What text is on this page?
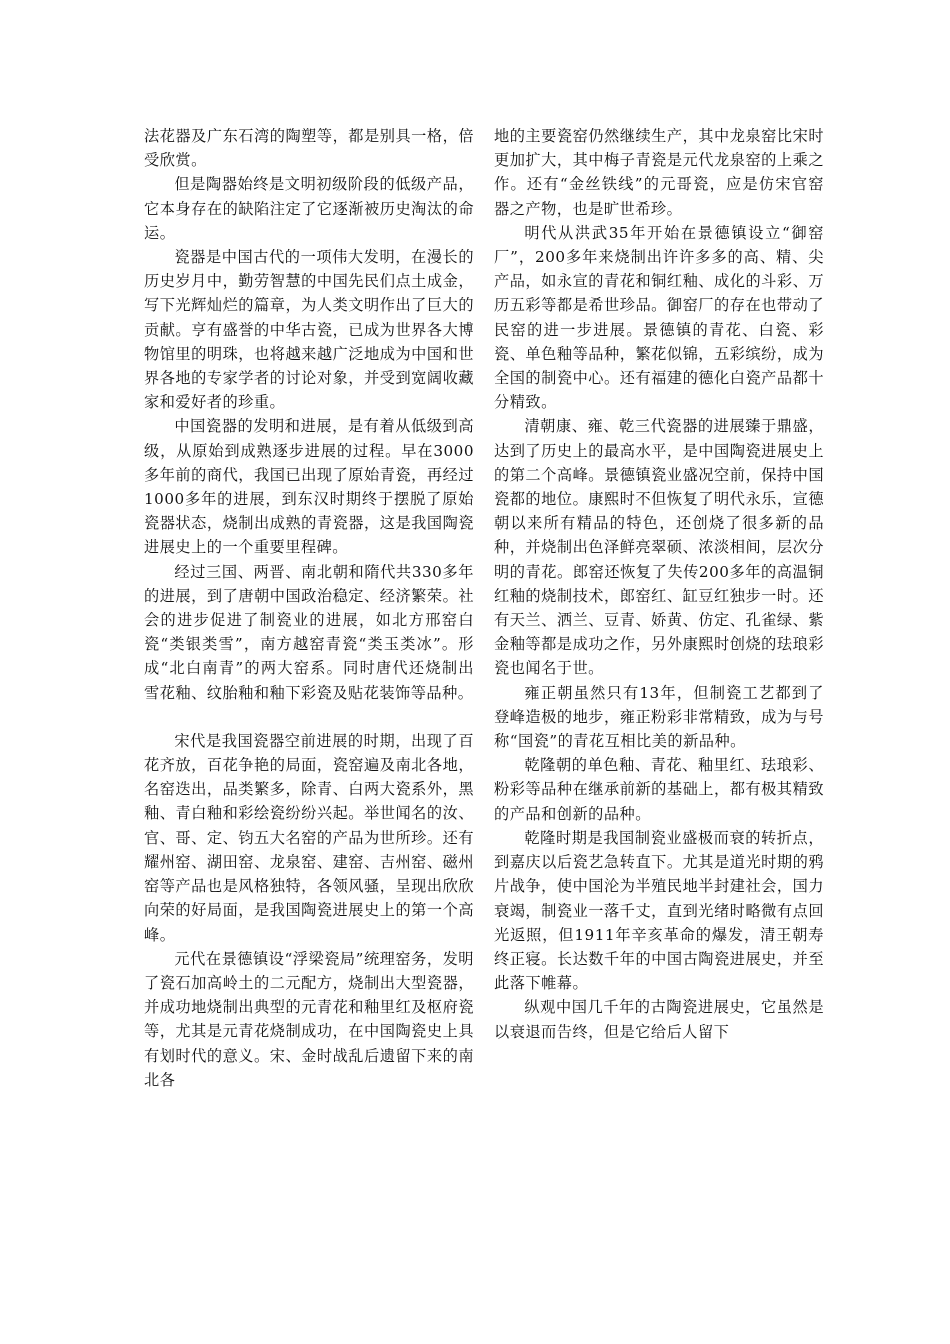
法花器及广东石湾的陶塑等，都是别具一格，倍受欣赏。

但是陶器始终是文明初级阶段的低级产品，它本身存在的缺陷注定了它逐渐被历史淘汰的命运。

瓷器是中国古代的一项伟大发明，在漫长的历史岁月中，勤劳智慧的中国先民们点土成金，写下光辉灿烂的篇章，为人类文明作出了巨大的贡献。亨有盛誉的中华古瓷，已成为世界各大博物馆里的明珠，也将越来越广泛地成为中国和世界各地的专家学者的讨论对象，并受到宽阔收藏家和爱好者的珍重。

中国瓷器的发明和进展，是有着从低级到高级，从原始到成熟逐步进展的过程。早在3000多年前的商代，我国已出现了原始青瓷，再经过1000多年的进展，到东汉时期终于摆脱了原始瓷器状态，烧制出成熟的青瓷器，这是我国陶瓷进展史上的一个重要里程碑。

经过三国、两晋、南北朝和隋代共330多年的进展，到了唐朝中国政治稳定、经济繁荣。社会的进步促进了制瓷业的进展，如北方邢窑白瓷“类银类雪”，南方越窑青瓷“类玉类冰”。形成“北白南青”的两大窑系。同时唐代还烧制出雪花釉、纹胎釉和釉下彩瓷及贴花装饰等品种。

宋代是我国瓷器空前进展的时期，出现了百花齐放，百花争艳的局面，瓷窑遍及南北各地，名窑迭出，品类繁多，除青、白两大瓷系外，黑釉、青白釉和彩绘瓷纷纷兴起。举世闻名的汝、官、哥、定、钧五大名窑的产品为世所珍。还有耀州窑、湖田窑、龙泉窑、建窑、吉州窑、磁州窑等产品也是风格独特，各领风骚，呈现出欣欣向荣的好局面，是我国陶瓷进展史上的第一个高峰。

元代在景德镇设“浮梁瓷局”统理窑务，发明了瓷石加高岭土的二元配方，烧制出大型瓷器，并成功地烧制出典型的元青花和釉里红及枢府瓷等，尤其是元青花烧制成功，在中国陶瓷史上具有划时代的意义。宋、金时战乱后遗留下来的南北各

地的主要瓷窑仍然继续生产，其中龙泉窑比宋时更加扩大，其中梅子青瓷是元代龙泉窑的上乘之作。还有“金丝铁线”的元哥瓷，应是仿宋官窑器之产物，也是旷世希珍。

明代从洪武35年开始在景德镇设立“御窑厂”，200多年来烧制出许许多多的高、精、尖产品，如永宣的青花和铜红釉、成化的斗彩、万历五彩等都是希世珍品。御窑厂的存在也带动了民窑的进一步进展。景德镇的青花、白瓷、彩瓷、单色釉等品种，繁花似锦，五彩缤纷，成为全国的制瓷中心。还有福建的德化白瓷产品都十分精致。

清朝康、雍、乾三代瓷器的进展臻于鼎盛，达到了历史上的最高水平，是中国陶瓷进展史上的第二个高峰。景德镇瓷业盛况空前，保持中国瓷都的地位。康熙时不但恢复了明代永乐，宣德朝以来所有精品的特色，还创烧了很多新的品种，并烧制出色泽鲜亮翠硕、浓淡相间，层次分明的青花。郎窑还恢复了失传200多年的高温铜红釉的烧制技术，郎窑红、缸豆红独步一时。还有天兰、洒兰、豆青、娇黄、仿定、孔雀绿、紫金釉等都是成功之作，另外康熙时创烧的珐琅彩瓷也闻名于世。

雍正朝虽然只有13年，但制瓷工艺都到了登峰造极的地步，雍正粉彩非常精致，成为与号称“国瓷”的青花互相比美的新品种。

乾隆朝的单色釉、青花、釉里红、珐琅彩、粉彩等品种在继承前新的基础上，都有极其精致的产品和创新的品种。

乾隆时期是我国制瓷业盛极而衰的转折点，到嘉庆以后瓷艺急转直下。尤其是道光时期的鸦片战争，使中国沦为半殖民地半封建社会，国力衰竭，制瓷业一落千丈，直到光绪时略微有点回光返照，但1911年辛亥革命的爆发，清王朝寿终正寝。长达数千年的中国古陶瓷进展史，并至此落下帷幕。

纵观中国几千年的古陶瓷进展史，它虽然是以衰退而告终，但是它给后人留下
